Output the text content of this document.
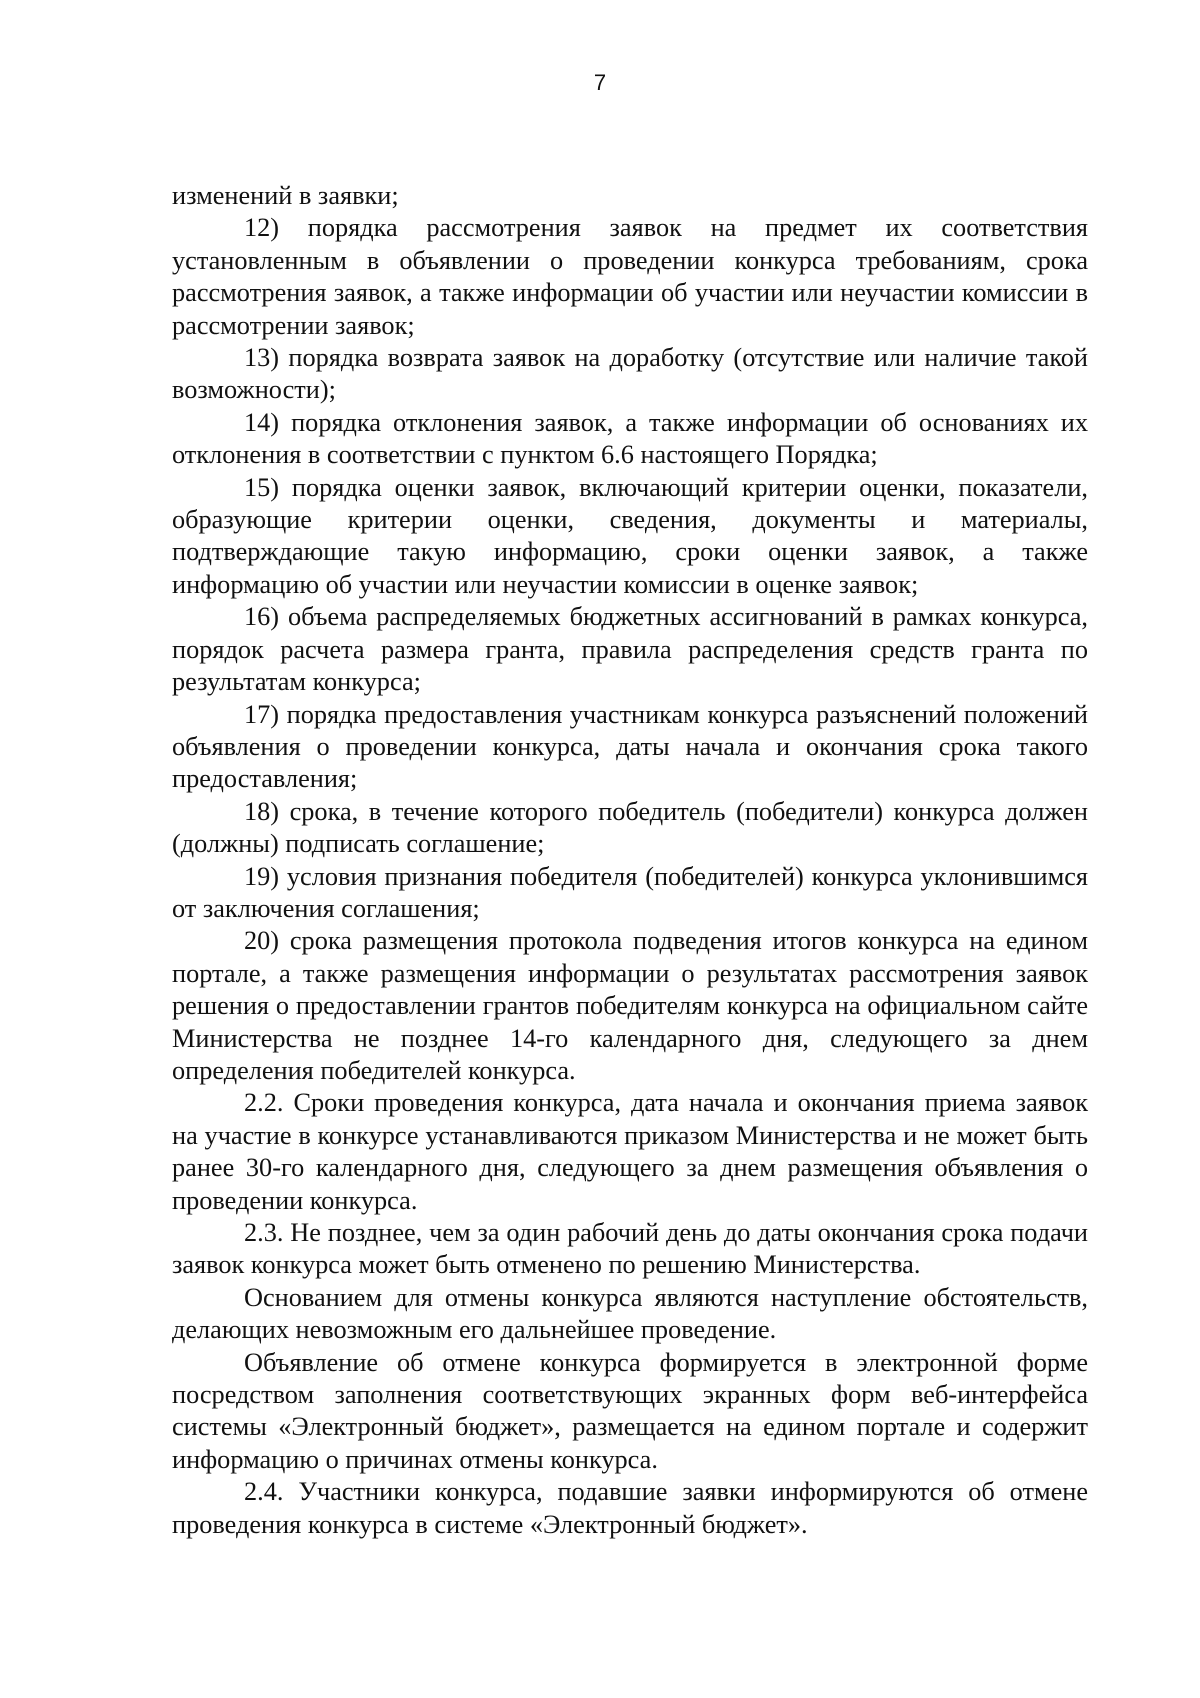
7

изменений в заявки;

12) порядка рассмотрения заявок на предмет их соответствия установленным в объявлении о проведении конкурса требованиям, срока рассмотрения заявок, а также информации об участии или неучастии комиссии в рассмотрении заявок;

13) порядка возврата заявок на доработку (отсутствие или наличие такой возможности);

14) порядка отклонения заявок, а также информации об основаниях их отклонения в соответствии с пунктом 6.6 настоящего Порядка;

15) порядка оценки заявок, включающий критерии оценки, показатели, образующие критерии оценки, сведения, документы и материалы, подтверждающие такую информацию, сроки оценки заявок, а также информацию об участии или неучастии комиссии в оценке заявок;

16) объема распределяемых бюджетных ассигнований в рамках конкурса, порядок расчета размера гранта, правила распределения средств гранта по результатам конкурса;

17) порядка предоставления участникам конкурса разъяснений положений объявления о проведении конкурса, даты начала и окончания срока такого предоставления;

18) срока, в течение которого победитель (победители) конкурса должен (должны) подписать соглашение;

19) условия признания победителя (победителей) конкурса уклонившимся от заключения соглашения;

20) срока размещения протокола подведения итогов конкурса на едином портале, а также размещения информации о результатах рассмотрения заявок решения о предоставлении грантов победителям конкурса на официальном сайте Министерства не позднее 14-го календарного дня, следующего за днем определения победителей конкурса.

2.2. Сроки проведения конкурса, дата начала и окончания приема заявок на участие в конкурсе устанавливаются приказом Министерства и не может быть ранее 30-го календарного дня, следующего за днем размещения объявления о проведении конкурса.

2.3. Не позднее, чем за один рабочий день до даты окончания срока подачи заявок конкурса может быть отменено по решению Министерства.

Основанием для отмены конкурса являются наступление обстоятельств, делающих невозможным его дальнейшее проведение.

Объявление об отмене конкурса формируется в электронной форме посредством заполнения соответствующих экранных форм веб-интерфейса системы «Электронный бюджет», размещается на едином портале и содержит информацию о причинах отмены конкурса.

2.4. Участники конкурса, подавшие заявки информируются об отмене проведения конкурса в системе «Электронный бюджет».
